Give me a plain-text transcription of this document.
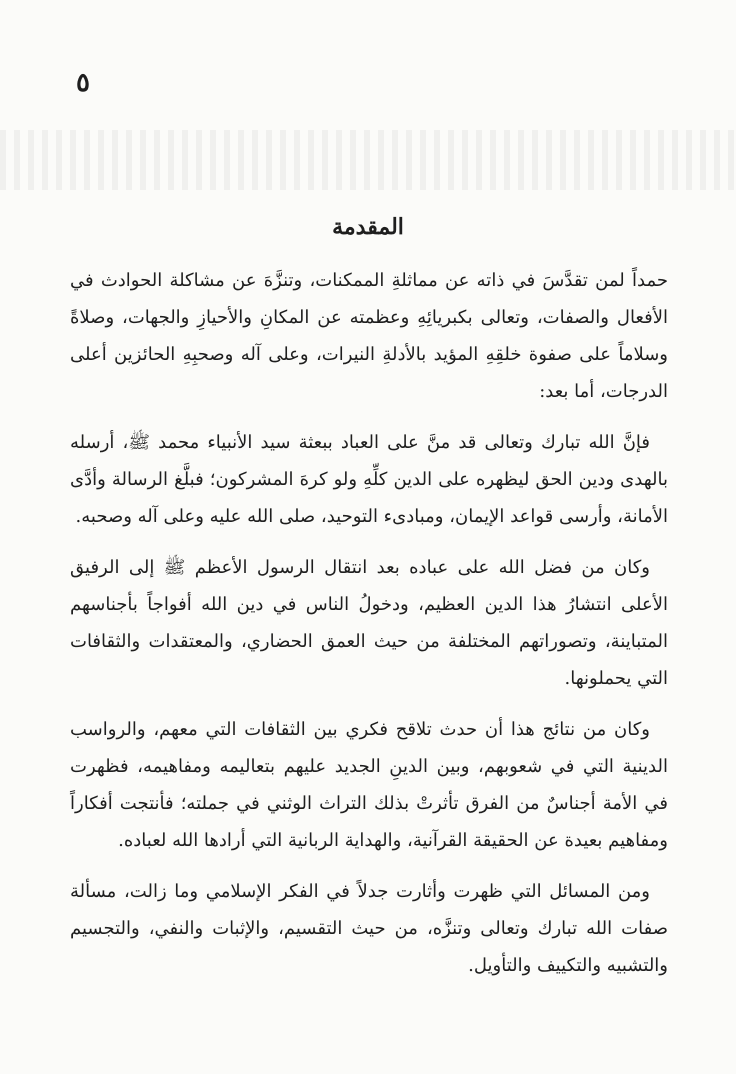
٥
المقدمة

حمداً لمن تقدَّسَ في ذاته عن مماثلةِ الممكنات، وتنزَّهَ عن مشاكلة الحوادث في الأفعال والصفات، وتعالى بكبريائِهِ وعظمته عن المكانِ والأحيازِ والجهات، وصلاةً وسلاماً على صفوة خلقِهِ المؤيد بالأدلةِ النيرات، وعلى آله وصحبِهِ الحائزين أعلى الدرجات، أما بعد:

فإنَّ الله تبارك وتعالى قد منَّ على العباد ببعثة سيد الأنبياء محمد ﷺ، أرسله بالهدى ودين الحق ليظهره على الدين كلِّهِ ولو كرهَ المشركون؛ فبلَّغ الرسالة وأدَّى الأمانة، وأرسى قواعد الإيمان، ومبادىء التوحيد، صلى الله عليه وعلى آله وصحبه.

وكان من فضل الله على عباده بعد انتقال الرسول الأعظم ﷺ إلى الرفيق الأعلى انتشارُ هذا الدين العظيم، ودخولُ الناس في دين الله أفواجاً بأجناسهم المتباينة، وتصوراتهم المختلفة من حيث العمق الحضاري، والمعتقدات والثقافات التي يحملونها.

وكان من نتائج هذا أن حدث تلاقح فكري بين الثقافات التي معهم، والرواسب الدينية التي في شعوبهم، وبين الدينِ الجديد عليهم بتعاليمه ومفاهيمه، فظهرت في الأمة أجناسٌ من الفرق تأثرتْ بذلك التراث الوثني في جملته؛ فأنتجت أفكاراً ومفاهيم بعيدة عن الحقيقة القرآنية، والهداية الربانية التي أرادها الله لعباده.

ومن المسائل التي ظهرت وأثارت جدلاً في الفكر الإسلامي وما زالت، مسألة صفات الله تبارك وتعالى وتنزَّه، من حيث التقسيم، والإثبات والنفي، والتجسيم والتشبيه والتكييف والتأويل.
